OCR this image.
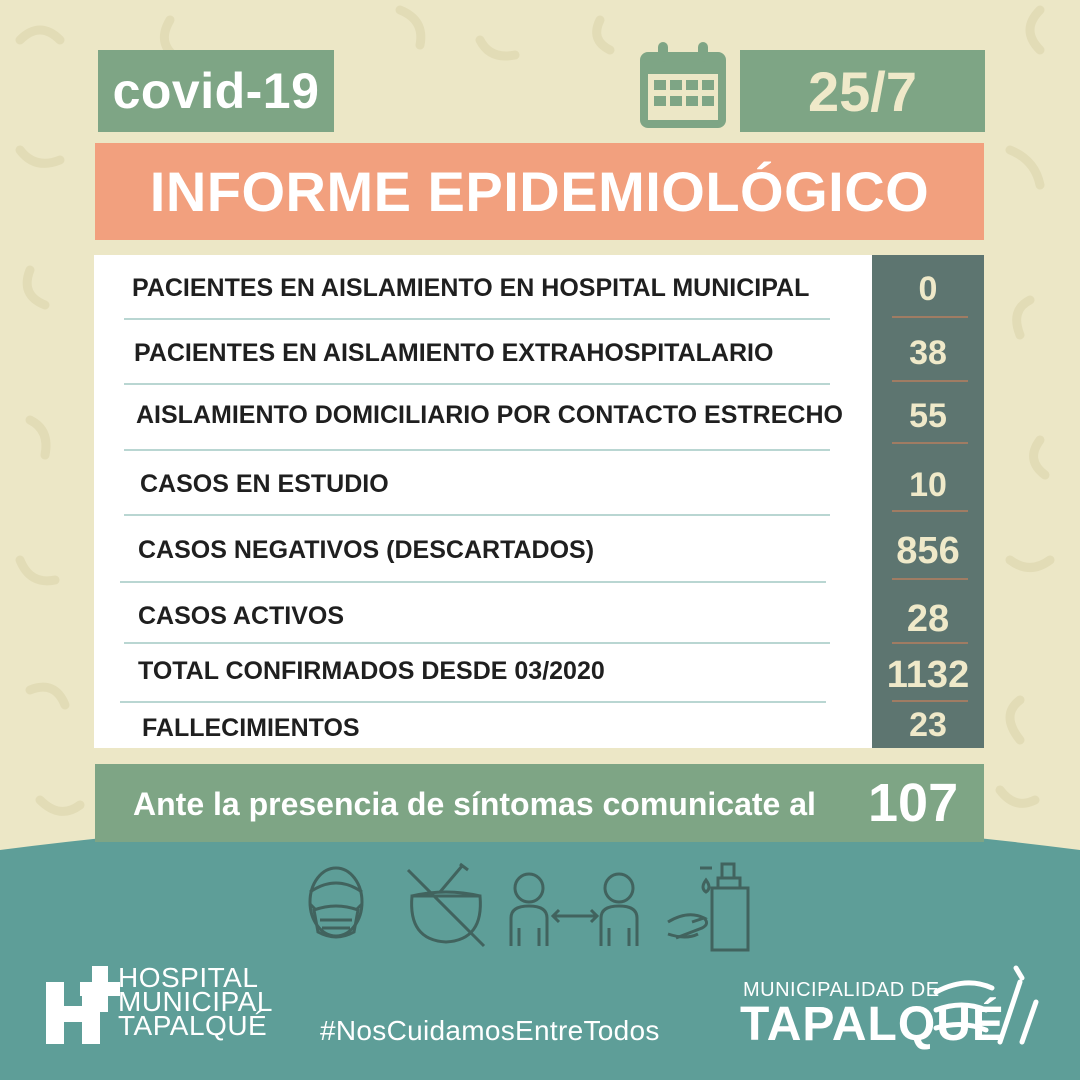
covid-19	25/7
INFORME EPIDEMIOLÓGICO
PACIENTES EN AISLAMIENTO EN HOSPITAL MUNICIPAL	0
PACIENTES EN AISLAMIENTO EXTRAHOSPITALARIO	38
AISLAMIENTO DOMICILIARIO POR CONTACTO ESTRECHO	55
CASOS EN ESTUDIO	10
CASOS NEGATIVOS (DESCARTADOS)	856
CASOS ACTIVOS	28
TOTAL CONFIRMADOS DESDE 03/2020	1132
FALLECIMIENTOS	23
Ante la presencia de síntomas comunicate al 107
HOSPITAL
MUNICIPAL
TAPALQUÉ #NosCuidamosEntreTodos
MUNICIPALIDAD DE
TAPALQUÉ
